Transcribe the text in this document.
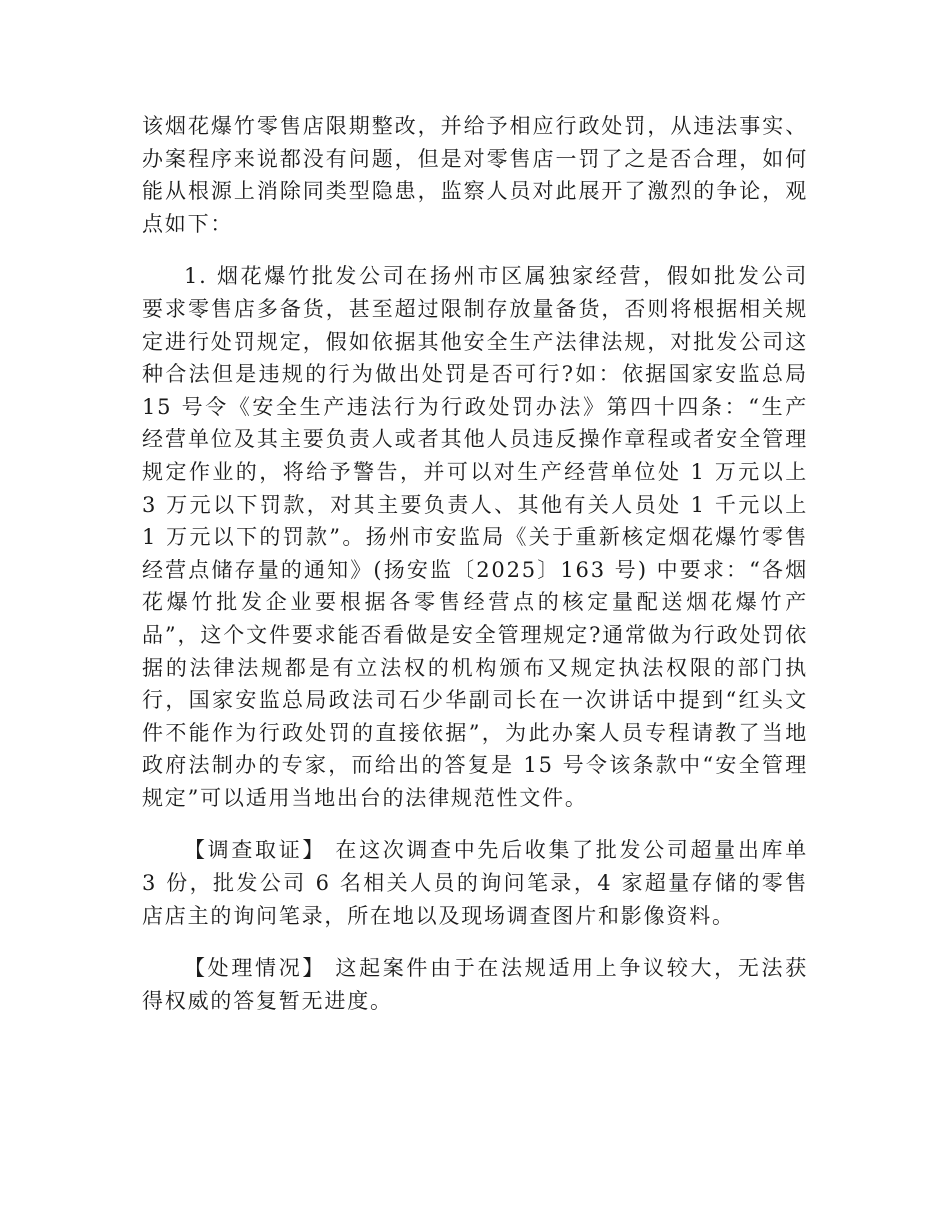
该烟花爆竹零售店限期整改，并给予相应行政处罚，从违法事实、办案程序来说都没有问题，但是对零售店一罚了之是否合理，如何能从根源上消除同类型隐患，监察人员对此展开了激烈的争论，观点如下：

1. 烟花爆竹批发公司在扬州市区属独家经营，假如批发公司要求零售店多备货，甚至超过限制存放量备货，否则将根据相关规定进行处罚规定，假如依据其他安全生产法律法规，对批发公司这种合法但是违规的行为做出处罚是否可行?如：依据国家安监总局 15 号令《安全生产违法行为行政处罚办法》第四十四条：“生产经营单位及其主要负责人或者其他人员违反操作章程或者安全管理规定作业的，将给予警告，并可以对生产经营单位处 1 万元以上 3 万元以下罚款，对其主要负责人、其他有关人员处 1 千元以上 1 万元以下的罚款”。扬州市安监局《关于重新核定烟花爆竹零售经营点储存量的通知》(扬安监〔2025〕163 号) 中要求：“各烟花爆竹批发企业要根据各零售经营点的核定量配送烟花爆竹产品”，这个文件要求能否看做是安全管理规定?通常做为行政处罚依据的法律法规都是有立法权的机构颁布又规定执法权限的部门执行，国家安监总局政法司石少华副司长在一次讲话中提到“红头文件不能作为行政处罚的直接依据”，为此办案人员专程请教了当地政府法制办的专家，而给出的答复是 15 号令该条款中“安全管理规定”可以适用当地出台的法律规范性文件。

【调查取证】 在这次调查中先后收集了批发公司超量出库单 3 份，批发公司 6 名相关人员的询问笔录，4 家超量存储的零售店店主的询问笔录，所在地以及现场调查图片和影像资料。

【处理情况】 这起案件由于在法规适用上争议较大，无法获得权威的答复暂无进度。
